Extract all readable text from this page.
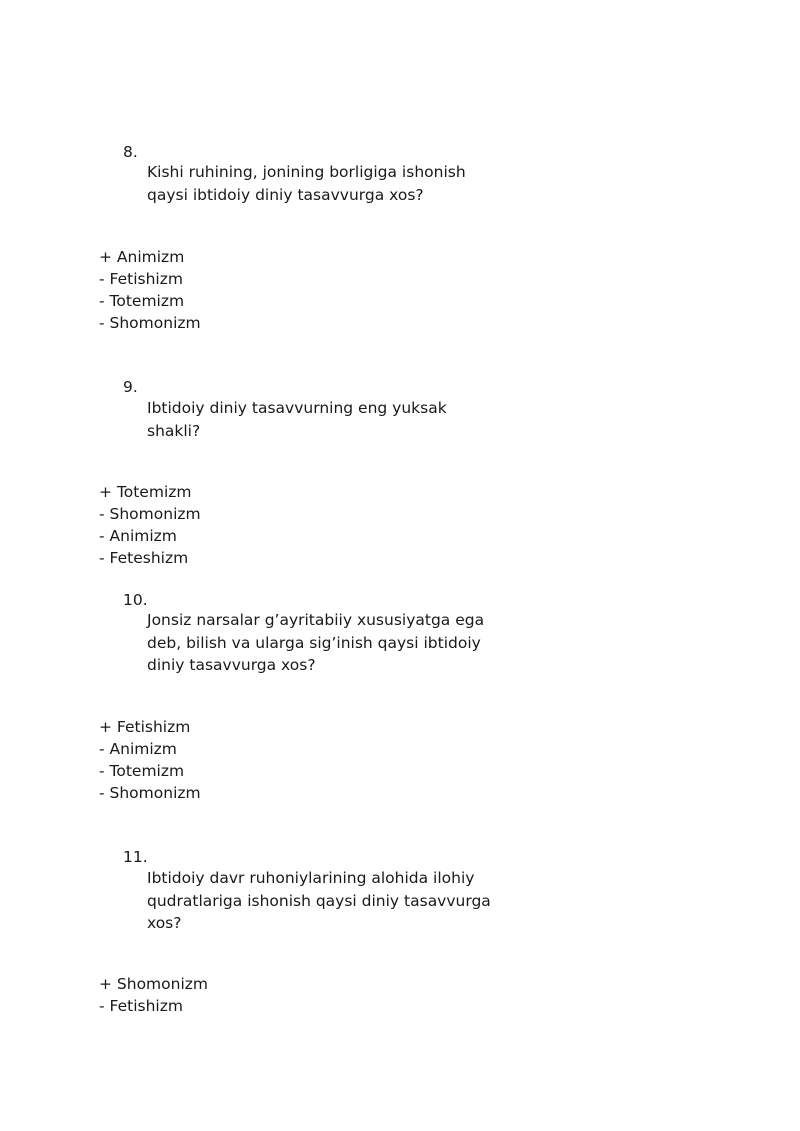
8.
Kishi ruhining, jonining borligiga ishonish
qaysi ibtidoiy diniy tasavvurga xos?
+ Animizm
- Fetishizm
- Totemizm
- Shomonizm
9.
Ibtidoiy diniy tasavvurning eng yuksak
shakli?
+ Totemizm
- Shomonizm
- Animizm
- Feteshizm
10.
Jonsiz narsalar g’ayritabiiy xususiyatga ega
deb, bilish va ularga sig’inish qaysi ibtidoiy
diniy tasavvurga xos?
+ Fetishizm
- Animizm
- Totemizm
- Shomonizm
11.
Ibtidoiy davr ruhoniylarining alohida ilohiy
qudratlariga ishonish qaysi diniy tasavvurga
xos?
+ Shomonizm
- Fetishizm
